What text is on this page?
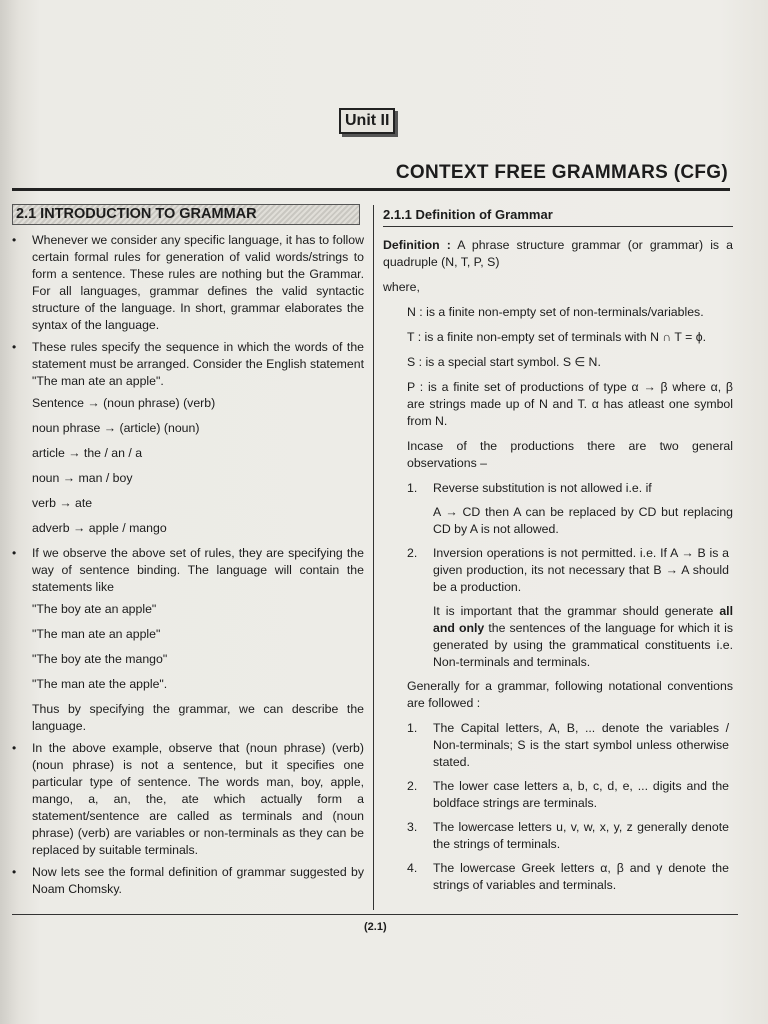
Unit II
CONTEXT FREE GRAMMARS (CFG)
2.1 INTRODUCTION TO GRAMMAR
• Whenever we consider any specific language, it has to follow certain formal rules for generation of valid words/strings to form a sentence. These rules are nothing but the Grammar. For all languages, grammar defines the valid syntactic structure of the language. In short, grammar elaborates the syntax of the language.
• These rules specify the sequence in which the words of the statement must be arranged. Consider the English statement "The man ate an apple".
Sentence → (noun phrase) (verb)
noun phrase → (article) (noun)
article → the / an / a
noun → man / boy
verb → ate
adverb → apple / mango
• If we observe the above set of rules, they are specifying the way of sentence binding. The language will contain the statements like
"The boy ate an apple"
"The man ate an apple"
"The boy ate the mango"
"The man ate the apple".
Thus by specifying the grammar, we can describe the language.
• In the above example, observe that (noun phrase) (verb) (noun phrase) is not a sentence, but it specifies one particular type of sentence. The words man, boy, apple, mango, a, an, the, ate which actually form a statement/sentence are called as terminals and (noun phrase) (verb) are variables or non-terminals as they can be replaced by suitable terminals.
• Now lets see the formal definition of grammar suggested by Noam Chomsky.
2.1.1 Definition of Grammar
Definition : A phrase structure grammar (or grammar) is a quadruple (N, T, P, S)
where,
N : is a finite non-empty set of non-terminals/variables.
T : is a finite non-empty set of terminals with N ∩ T = ϕ.
S : is a special start symbol. S ∈ N.
P : is a finite set of productions of type α → β where α, β are strings made up of N and T. α has atleast one symbol from N.
Incase of the productions there are two general observations –
1. Reverse substitution is not allowed i.e. if
A → CD then A can be replaced by CD but replacing CD by A is not allowed.
2. Inversion operations is not permitted. i.e. If A → B is a given production, its not necessary that B → A should be a production.
It is important that the grammar should generate all and only the sentences of the language for which it is generated by using the grammatical constituents i.e. Non-terminals and terminals.
Generally for a grammar, following notational conventions are followed :
1. The Capital letters, A, B, ... denote the variables / Non-terminals; S is the start symbol unless otherwise stated.
2. The lower case letters a, b, c, d, e, ... digits and the boldface strings are terminals.
3. The lowercase letters u, v, w, x, y, z generally denote the strings of terminals.
4. The lowercase Greek letters α, β and γ denote the strings of variables and terminals.
(2.1)
